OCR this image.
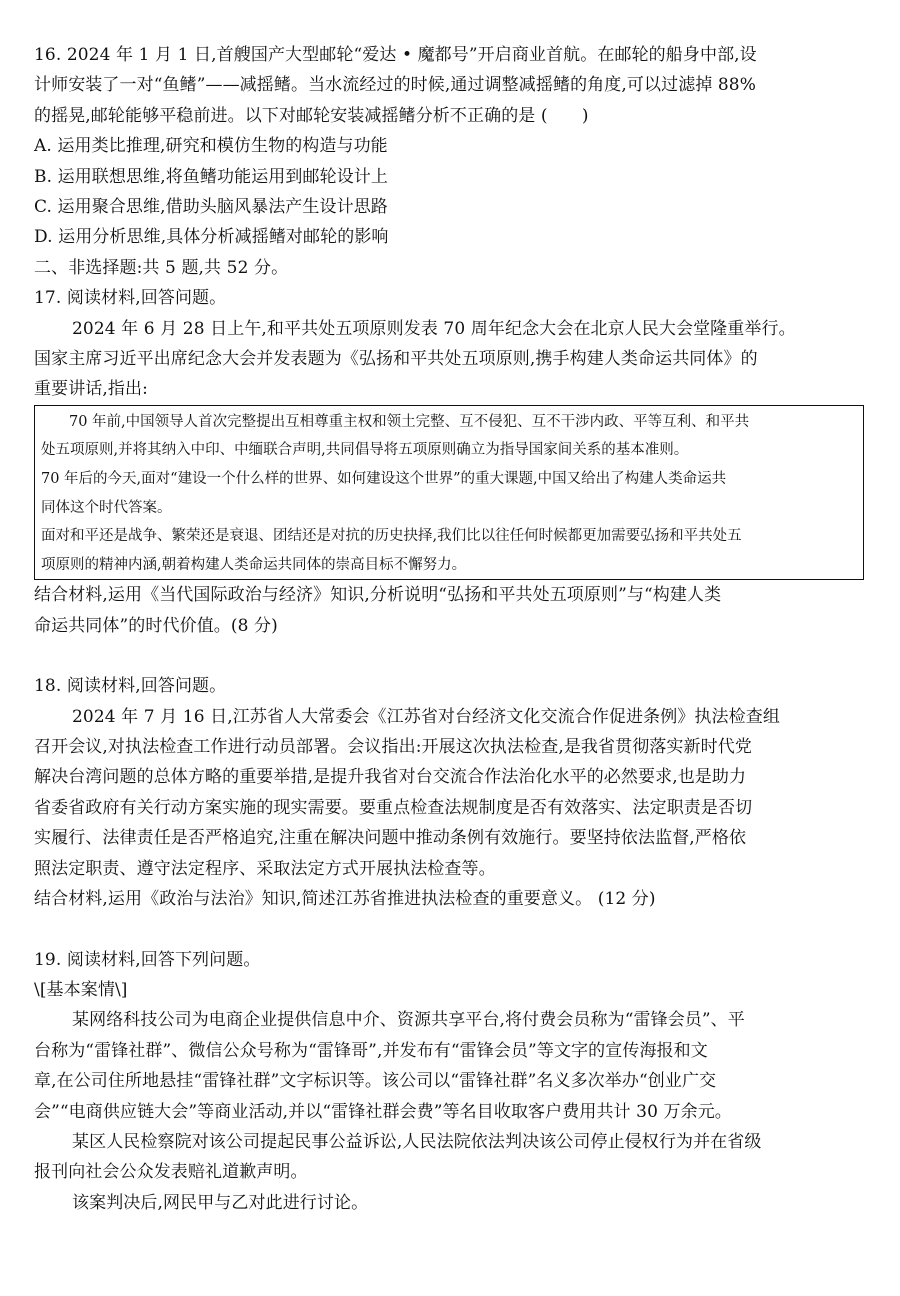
16. 2024 年 1 月 1 日,首艘国产大型邮轮“爱达 • 魔都号”开启商业首航。在邮轮的船身中部,设
计师安装了一对“鱼鳍”——减摇鳍。当水流经过的时候,通过调整减摇鳍的角度,可以过滤掉 88%
的摇晃,邮轮能够平稳前进。以下对邮轮安装减摇鳍分析不正确的是 (　　)
A. 运用类比推理,研究和模仿生物的构造与功能
B. 运用联想思维,将鱼鳍功能运用到邮轮设计上
C. 运用聚合思维,借助头脑风暴法产生设计思路
D. 运用分析思维,具体分析减摇鳍对邮轮的影响
二、非选择题:共 5 题,共 52 分。
17. 阅读材料,回答问题。
2024 年 6 月 28 日上午,和平共处五项原则发表 70 周年纪念大会在北京人民大会堂隆重举行。
国家主席习近平出席纪念大会并发表题为《弘扬和平共处五项原则,携手构建人类命运共同体》的
重要讲话,指出:
70 年前,中国领导人首次完整提出互相尊重主权和领土完整、互不侵犯、互不干涉内政、平等互利、和平共
处五项原则,并将其纳入中印、中缅联合声明,共同倡导将五项原则确立为指导国家间关系的基本准则。
70 年后的今天,面对“建设一个什么样的世界、如何建设这个世界”的重大课题,中国又给出了构建人类命运共
同体这个时代答案。
面对和平还是战争、繁荣还是衰退、团结还是对抗的历史抉择,我们比以往任何时候都更加需要弘扬和平共处五
项原则的精神内涵,朝着构建人类命运共同体的崇高目标不懈努力。
结合材料,运用《当代国际政治与经济》知识,分析说明“弘扬和平共处五项原则”与“构建人类
命运共同体”的时代价值。(8 分)
18. 阅读材料,回答问题。
2024 年 7 月 16 日,江苏省人大常委会《江苏省对台经济文化交流合作促进条例》执法检查组
召开会议,对执法检查工作进行动员部署。会议指出:开展这次执法检查,是我省贯彻落实新时代党
解决台湾问题的总体方略的重要举措,是提升我省对台交流合作法治化水平的必然要求,也是助力
省委省政府有关行动方案实施的现实需要。要重点检查法规制度是否有效落实、法定职责是否切
实履行、法律责任是否严格追究,注重在解决问题中推动条例有效施行。要坚持依法监督,严格依
照法定职责、遵守法定程序、采取法定方式开展执法检查等。
结合材料,运用《政治与法治》知识,简述江苏省推进执法检查的重要意义。 (12 分)
19. 阅读材料,回答下列问题。
\[基本案情\]
某网络科技公司为电商企业提供信息中介、资源共享平台,将付费会员称为“雷锋会员”、平
台称为“雷锋社群”、微信公众号称为“雷锋哥”,并发布有“雷锋会员”等文字的宣传海报和文
章,在公司住所地悬挂“雷锋社群”文字标识等。该公司以“雷锋社群”名义多次举办“创业广交
会”“电商供应链大会”等商业活动,并以“雷锋社群会费”等名目收取客户费用共计 30 万余元。
某区人民检察院对该公司提起民事公益诉讼,人民法院依法判决该公司停止侵权行为并在省级
报刊向社会公众发表赔礼道歉声明。
该案判决后,网民甲与乙对此进行讨论。
